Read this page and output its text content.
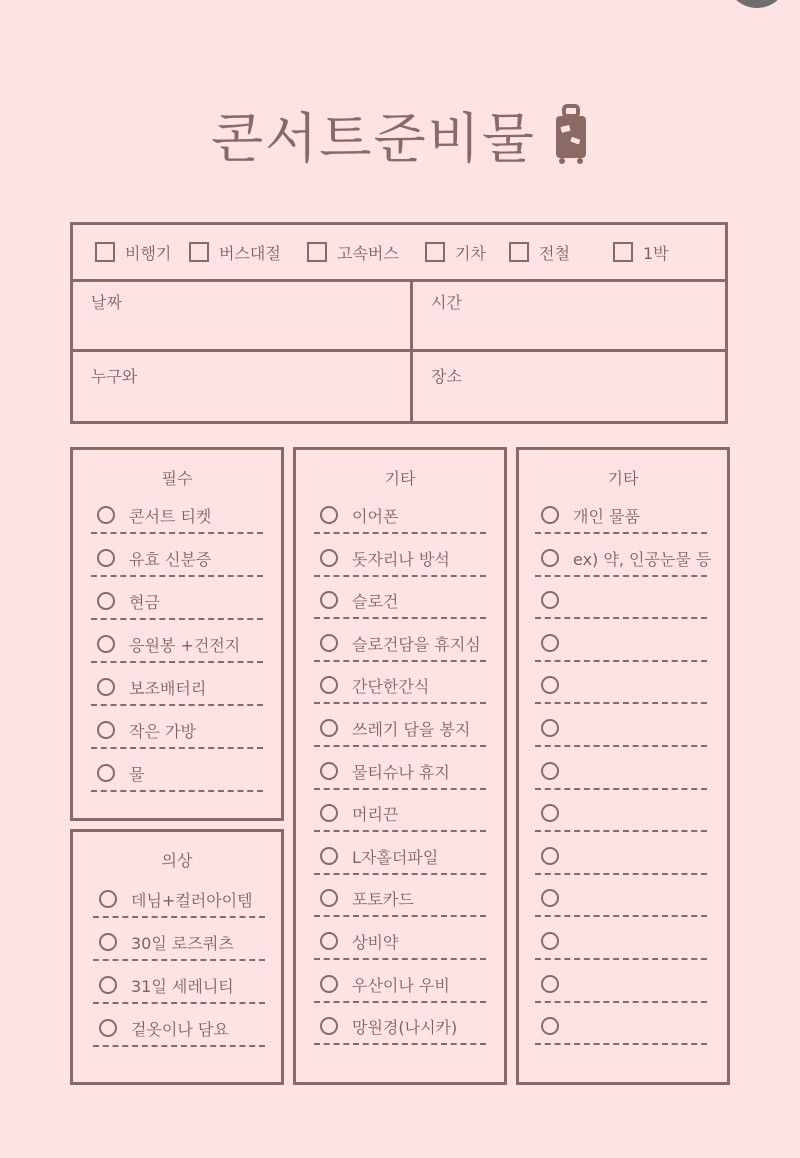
콘서트준비물
비행기	버스대절	고속버스	기차	전철	1박
날짜	시간
누구와	장소
필수
콘서트 티켓
유효 신분증
현금
응원봉 +건전지
보조배터리
작은 가방
물
의상
데님+컬러아이템
30일 로즈쿼츠
31일 세레니티
겉옷이나 담요
기타
이어폰
돗자리나 방석
슬로건
슬로건담을 휴지심
간단한간식
쓰레기 담을 봉지
물티슈나 휴지
머리끈
L자홀더파일
포토카드
상비약
우산이나 우비
망원경(나시카)
기타
개인 물품
ex) 약, 인공눈물 등
